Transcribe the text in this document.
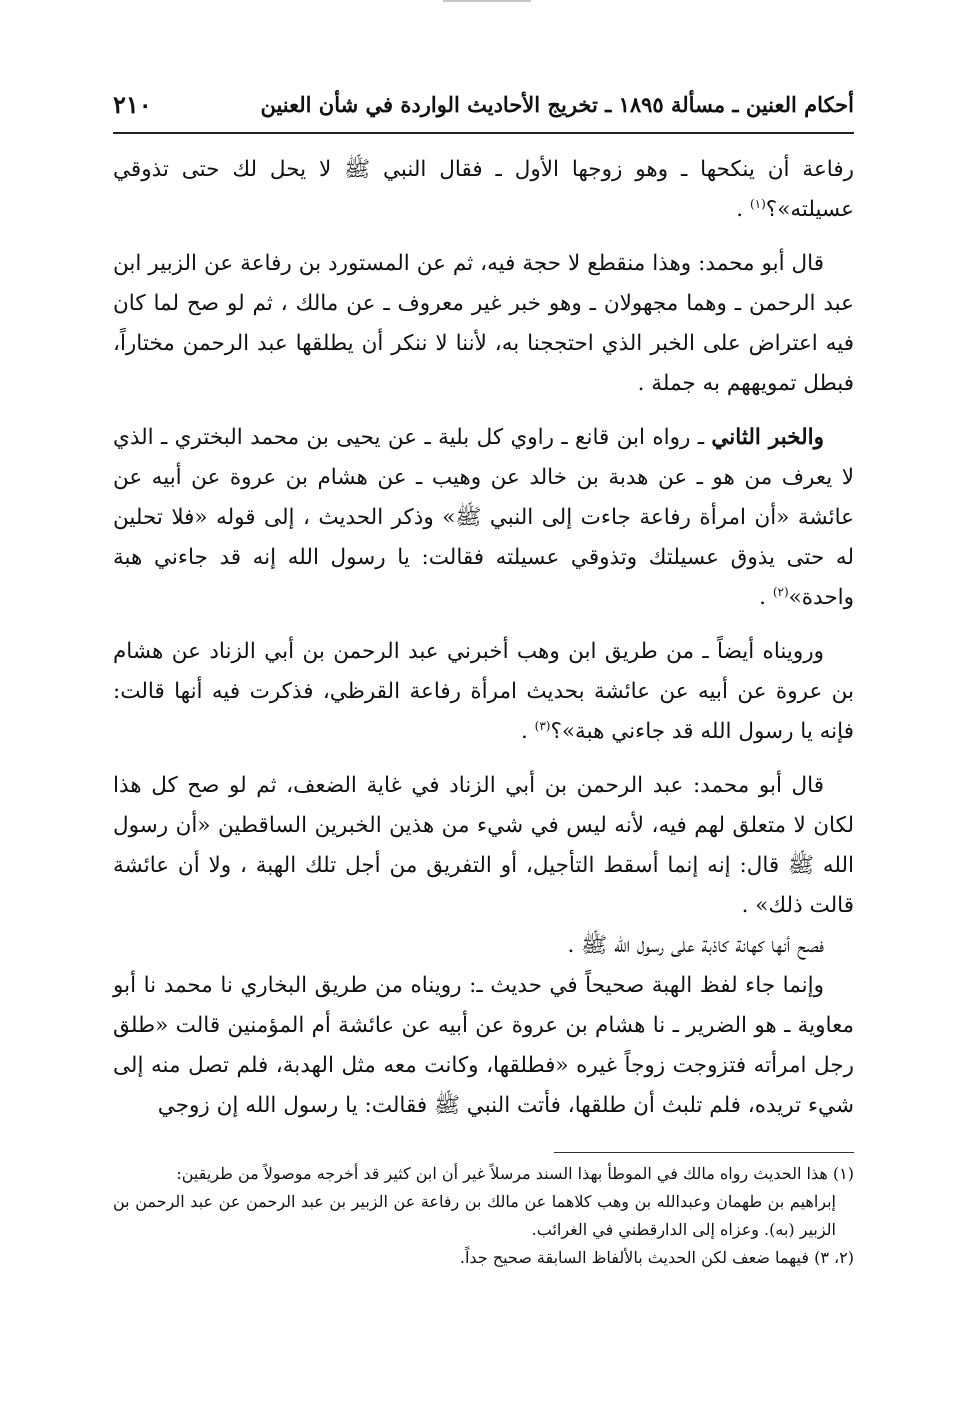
أحكام العنين ـ مسألة ١٨٩٥ ـ تخريج الأحاديث الواردة في شأن العنين
٢١٠

رفاعة أن ينكحها ـ وهو زوجها الأول ـ فقال النبي ﷺ لا يحل لك حتى تذوقي عسيلته»؟$^{(١)}$ .

قال أبو محمد: وهذا منقطع لا حجة فيه، ثم عن المستورد بن رفاعة عن الزبير ابن عبد الرحمن ـ وهما مجهولان ـ وهو خبر غير معروف ـ عن مالك ، ثم لو صح لما كان فيه اعتراض على الخبر الذي احتججنا به، لأننا لا ننكر أن يطلقها عبد الرحمن مختاراً، فبطل تمويههم به جملة .

والخبر الثاني ـ رواه ابن قانع ـ راوي كل بلية ـ عن يحيى بن محمد البختري ـ الذي لا يعرف من هو ـ عن هدبة بن خالد عن وهيب ـ عن هشام بن عروة عن أبيه عن عائشة «أن امرأة رفاعة جاءت إلى النبي ﷺ» وذكر الحديث ، إلى قوله «فلا تحلين له حتى يذوق عسيلتك وتذوقي عسيلته فقالت: يا رسول الله إنه قد جاءني هبة واحدة»$^{(٢)}$ .

ورويناه أيضاً ـ من طريق ابن وهب أخبرني عبد الرحمن بن أبي الزناد عن هشام بن عروة عن أبيه عن عائشة بحديث امرأة رفاعة القرظي، فذكرت فيه أنها قالت: فإنه يا رسول الله قد جاءني هبة»؟$^{(٣)}$ .

قال أبو محمد: عبد الرحمن بن أبي الزناد في غاية الضعف، ثم لو صح كل هذا لكان لا متعلق لهم فيه، لأنه ليس في شيء من هذين الخبرين الساقطين «أن رسول الله ﷺ قال: إنه إنما أسقط التأجيل، أو التفريق من أجل تلك الهبة ، ولا أن عائشة قالت ذلك» .

فصح أنها كهانة كاذبة على رسول الله ﷺ .

وإنما جاء لفظ الهبة صحيحاً في حديث ـ: رويناه من طريق البخاري نا محمد نا أبو معاوية ـ هو الضرير ـ نا هشام بن عروة عن أبيه عن عائشة أم المؤمنين قالت «طلق رجل امرأته فتزوجت زوجاً غيره «فطلقها، وكانت معه مثل الهدبة، فلم تصل منه إلى شيء تريده، فلم تلبث أن طلقها، فأتت النبي ﷺ فقالت: يا رسول الله إن زوجي

(١) هذا الحديث رواه مالك في الموطأ بهذا السند مرسلاً غير أن ابن كثير قد أخرجه موصولاً من طريقين:

إبراهيم بن طهمان وعبدالله بن وهب كلاهما عن مالك بن رفاعة عن الزبير بن عبد الرحمن عن عبد الرحمن بن الزبير (به). وعزاه إلى الدارقطني في الغرائب.

(٢، ٣) فيهما ضعف لكن الحديث بالألفاظ السابقة صحيح جداً.
